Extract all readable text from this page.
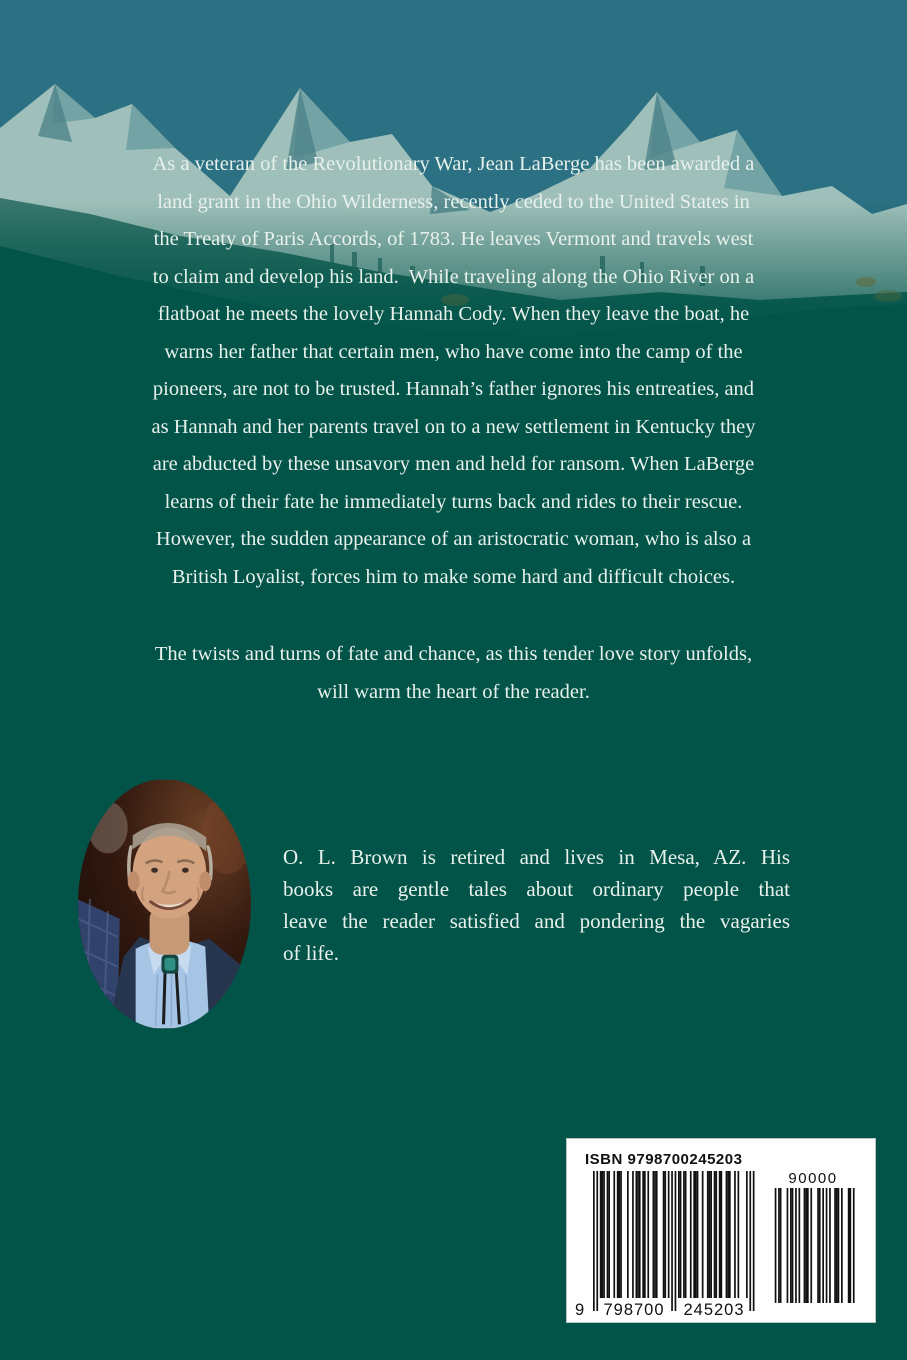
As a veteran of the Revolutionary War, Jean LaBerge has been awarded a
land grant in the Ohio Wilderness, recently ceded to the United States in
the Treaty of Paris Accords, of 1783. He leaves Vermont and travels west
to claim and develop his land.  While traveling along the Ohio River on a
flatboat he meets the lovely Hannah Cody. When they leave the boat, he
warns her father that certain men, who have come into the camp of the
pioneers, are not to be trusted. Hannah’s father ignores his entreaties, and
as Hannah and her parents travel on to a new settlement in Kentucky they
are abducted by these unsavory men and held for ransom. When LaBerge
learns of their fate he immediately turns back and rides to their rescue.
However, the sudden appearance of an aristocratic woman, who is also a
British Loyalist, forces him to make some hard and difficult choices.
The twists and turns of fate and chance, as this tender love story unfolds,
will warm the heart of the reader.
O. L. Brown is retired and lives in Mesa, AZ. His
books are gentle tales about ordinary people that
leave the reader satisfied and pondering the vagaries
of life.
ISBN 9798700245203
9 798700 245203
90000
